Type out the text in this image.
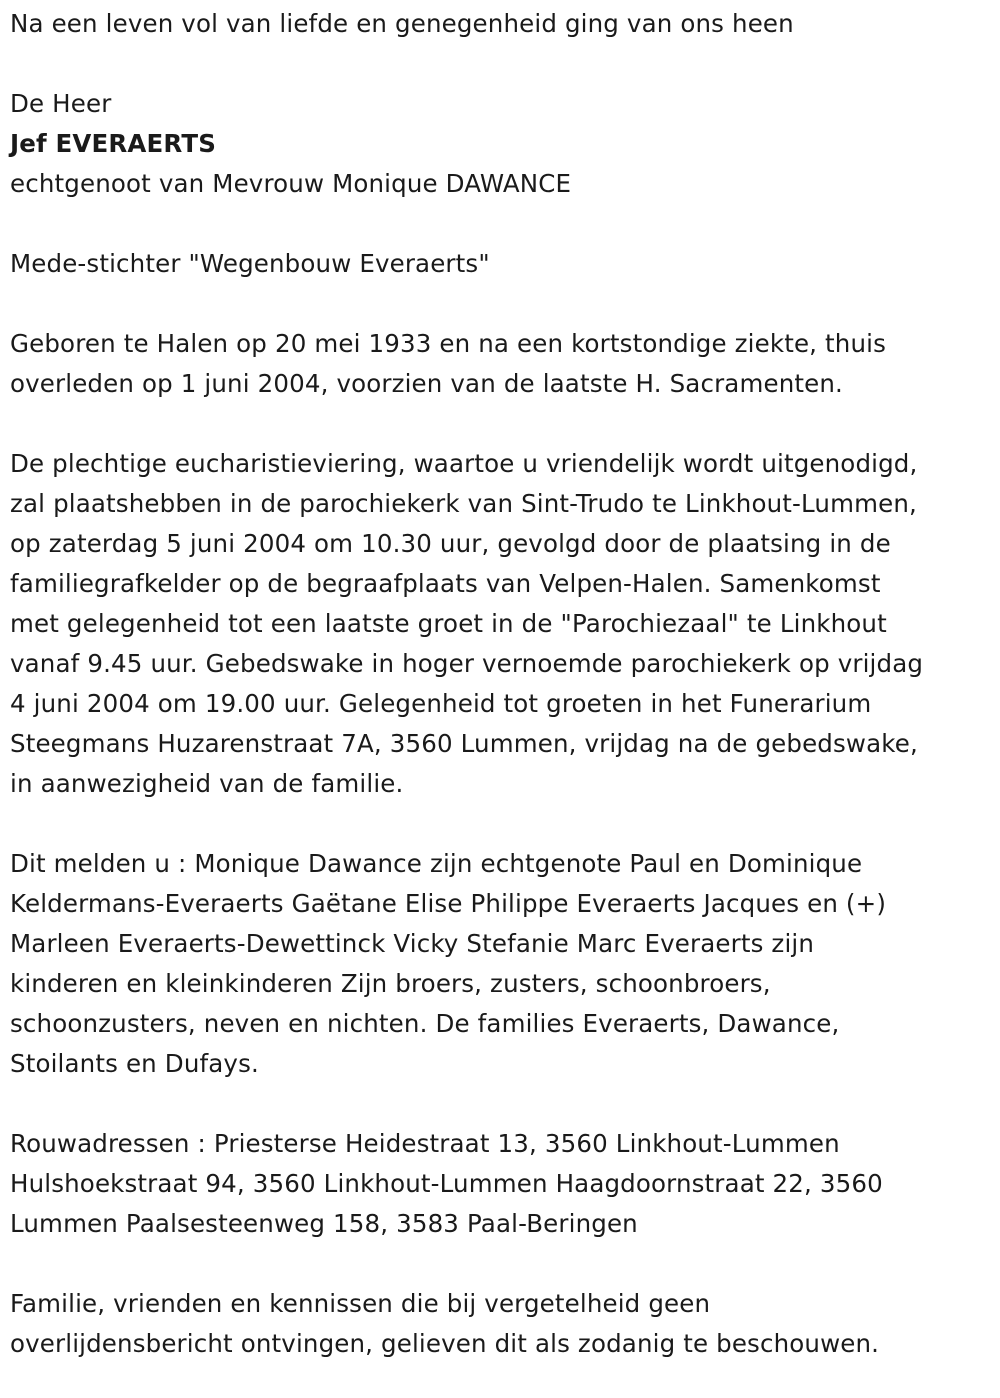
Na een leven vol van liefde en genegenheid ging van ons heen
De Heer
Jef EVERAERTS
echtgenoot van Mevrouw Monique DAWANCE
Mede-stichter "Wegenbouw Everaerts"
Geboren te Halen op 20 mei 1933 en na een kortstondige ziekte, thuis
overleden op 1 juni 2004, voorzien van de laatste H. Sacramenten.
De plechtige eucharistieviering, waartoe u vriendelijk wordt uitgenodigd,
zal plaatshebben in de parochiekerk van Sint-Trudo te Linkhout-Lummen,
op zaterdag 5 juni 2004 om 10.30 uur, gevolgd door de plaatsing in de
familiegrafkelder op de begraafplaats van Velpen-Halen. Samenkomst
met gelegenheid tot een laatste groet in de "Parochiezaal" te Linkhout
vanaf 9.45 uur. Gebedswake in hoger vernoemde parochiekerk op vrijdag
4 juni 2004 om 19.00 uur. Gelegenheid tot groeten in het Funerarium
Steegmans Huzarenstraat 7A, 3560 Lummen, vrijdag na de gebedswake,
in aanwezigheid van de familie.
Dit melden u : Monique Dawance zijn echtgenote Paul en Dominique
Keldermans-Everaerts Gaëtane Elise Philippe Everaerts Jacques en (+)
Marleen Everaerts-Dewettinck Vicky Stefanie Marc Everaerts zijn
kinderen en kleinkinderen Zijn broers, zusters, schoonbroers,
schoonzusters, neven en nichten. De families Everaerts, Dawance,
Stoilants en Dufays.
Rouwadressen : Priesterse Heidestraat 13, 3560 Linkhout-Lummen
Hulshoekstraat 94, 3560 Linkhout-Lummen Haagdoornstraat 22, 3560
Lummen Paalsesteenweg 158, 3583 Paal-Beringen
Familie, vrienden en kennissen die bij vergetelheid geen
overlijdensbericht ontvingen, gelieven dit als zodanig te beschouwen.
